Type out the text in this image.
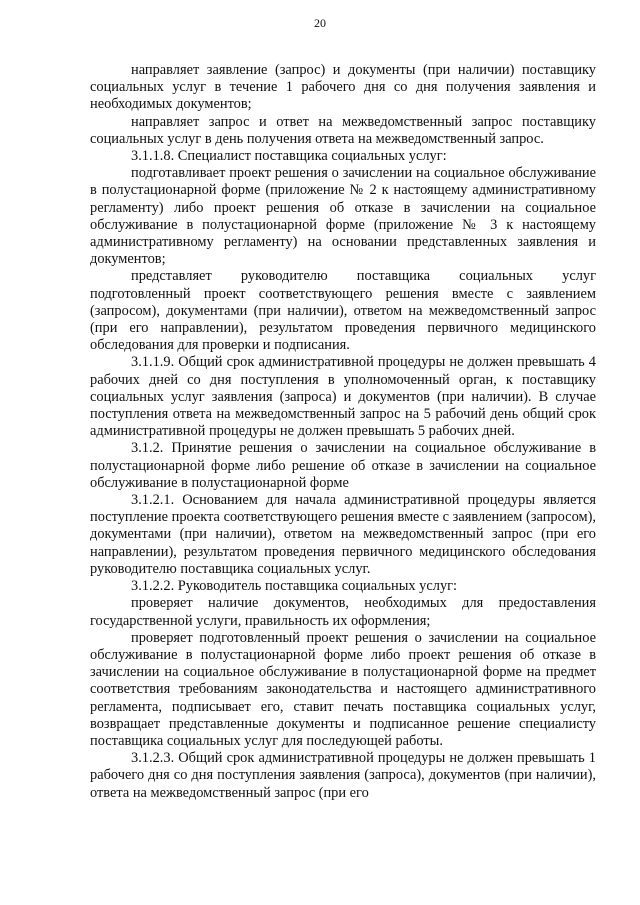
20

направляет заявление (запрос) и документы (при наличии) поставщику социальных услуг в течение 1 рабочего дня со дня получения заявления и необходимых документов;

направляет запрос и ответ на межведомственный запрос поставщику социальных услуг в день получения ответа на межведомственный запрос.

3.1.1.8. Специалист поставщика социальных услуг:

подготавливает проект решения о зачислении на социальное обслуживание в полустационарной форме (приложение № 2 к настоящему административному регламенту) либо проект решения об отказе в зачислении на социальное обслуживание в полустационарной форме (приложение № 3 к настоящему административному регламенту) на основании представленных заявления и документов;

представляет руководителю поставщика социальных услуг подготовленный проект соответствующего решения вместе с заявлением (запросом), документами (при наличии), ответом на межведомственный запрос (при его направлении), результатом проведения первичного медицинского обследования для проверки и подписания.

3.1.1.9. Общий срок административной процедуры не должен превышать 4 рабочих дней со дня поступления в уполномоченный орган, к поставщику социальных услуг заявления (запроса) и документов (при наличии). В случае поступления ответа на межведомственный запрос на 5 рабочий день общий срок административной процедуры не должен превышать 5 рабочих дней.

3.1.2. Принятие решения о зачислении на социальное обслуживание в полустационарной форме либо решение об отказе в зачислении на социальное обслуживание в полустационарной форме

3.1.2.1. Основанием для начала административной процедуры является поступление проекта соответствующего решения вместе с заявлением (запросом), документами (при наличии), ответом на межведомственный запрос (при его направлении), результатом проведения первичного медицинского обследования руководителю поставщика социальных услуг.

3.1.2.2. Руководитель поставщика социальных услуг:

проверяет наличие документов, необходимых для предоставления государственной услуги, правильность их оформления;

проверяет подготовленный проект решения о зачислении на социальное обслуживание в полустационарной форме либо проект решения об отказе в зачислении на социальное обслуживание в полустационарной форме на предмет соответствия требованиям законодательства и настоящего административного регламента, подписывает его, ставит печать поставщика социальных услуг, возвращает представленные документы и подписанное решение специалисту поставщика социальных услуг для последующей работы.

3.1.2.3. Общий срок административной процедуры не должен превышать 1 рабочего дня со дня поступления заявления (запроса), документов (при наличии), ответа на межведомственный запрос (при его
